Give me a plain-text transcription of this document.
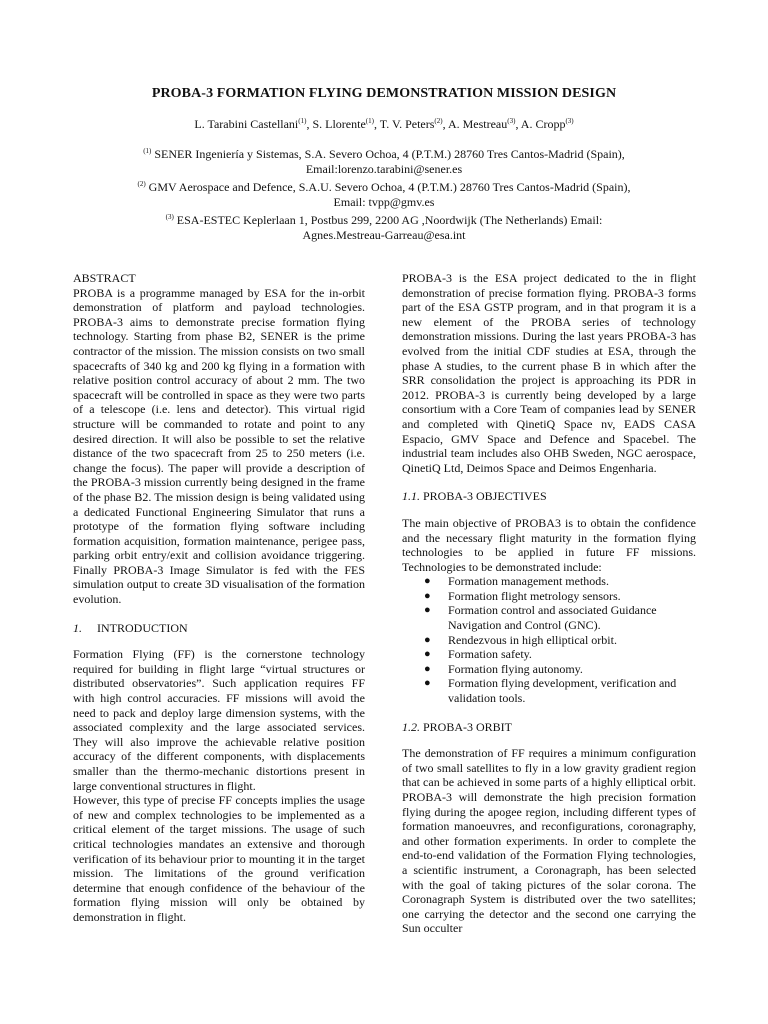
PROBA-3 FORMATION FLYING DEMONSTRATION MISSION DESIGN
L. Tarabini Castellani$^{(1)}$, S. Llorente$^{(1)}$, T. V. Peters$^{(2)}$, A. Mestreau$^{(3)}$, A. Cropp$^{(3)}$

$^{(1)}$ SENER Ingeniería y Sistemas, S.A. Severo Ochoa, 4 (P.T.M.) 28760 Tres Cantos-Madrid (Spain),
Email:lorenzo.tarabini@sener.es

$^{(2)}$ GMV Aerospace and Defence, S.A.U. Severo Ochoa, 4 (P.T.M.) 28760 Tres Cantos-Madrid (Spain),
Email: tvpp@gmv.es

$^{(3)}$ ESA-ESTEC Keplerlaan 1, Postbus 299, 2200 AG ,Noordwijk (The Netherlands) Email:
Agnes.Mestreau-Garreau@esa.int

ABSTRACT

PROBA is a programme managed by ESA for the in-orbit demonstration of platform and payload technologies. PROBA-3 aims to demonstrate precise formation flying technology. Starting from phase B2, SENER is the prime contractor of the mission. The mission consists on two small spacecrafts of 340 kg and 200 kg flying in a formation with relative position control accuracy of about 2 mm. The two spacecraft will be controlled in space as they were two parts of a telescope (i.e. lens and detector). This virtual rigid structure will be commanded to rotate and point to any desired direction. It will also be possible to set the relative distance of the two spacecraft from 25 to 250 meters (i.e. change the focus). The paper will provide a description of the PROBA-3 mission currently being designed in the frame of the phase B2. The mission design is being validated using a dedicated Functional Engineering Simulator that runs a prototype of the formation flying software including formation acquisition, formation maintenance, perigee pass, parking orbit entry/exit and collision avoidance triggering. Finally PROBA-3 Image Simulator is fed with the FES simulation output to create 3D visualisation of the formation evolution.

1. INTRODUCTION

Formation Flying (FF) is the cornerstone technology required for building in flight large “virtual structures or distributed observatories”. Such application requires FF with high control accuracies. FF missions will avoid the need to pack and deploy large dimension systems, with the associated complexity and the large associated services. They will also improve the achievable relative position accuracy of the different components, with displacements smaller than the thermo-mechanic distortions present in large conventional structures in flight.

However, this type of precise FF concepts implies the usage of new and complex technologies to be implemented as a critical element of the target missions. The usage of such critical technologies mandates an extensive and thorough verification of its behaviour prior to mounting it in the target mission. The limitations of the ground verification determine that enough confidence of the behaviour of the formation flying mission will only be obtained by demonstration in flight.

PROBA-3 is the ESA project dedicated to the in flight demonstration of precise formation flying. PROBA-3 forms part of the ESA GSTP program, and in that program it is a new element of the PROBA series of technology demonstration missions. During the last years PROBA-3 has evolved from the initial CDF studies at ESA, through the phase A studies, to the current phase B in which after the SRR consolidation the project is approaching its PDR in 2012. PROBA-3 is currently being developed by a large consortium with a Core Team of companies lead by SENER and completed with QinetiQ Space nv, EADS CASA Espacio, GMV Space and Defence and Spacebel. The industrial team includes also OHB Sweden, NGC aerospace, QinetiQ Ltd, Deimos Space and Deimos Engenharia.

1.1. PROBA-3 OBJECTIVES

The main objective of PROBA3 is to obtain the confidence and the necessary flight maturity in the formation flying technologies to be applied in future FF missions. Technologies to be demonstrated include:

● Formation management methods.
● Formation flight metrology sensors.
● Formation control and associated Guidance Navigation and Control (GNC).
● Rendezvous in high elliptical orbit.
● Formation safety.
● Formation flying autonomy.
● Formation flying development, verification and validation tools.

1.2. PROBA-3 ORBIT

The demonstration of FF requires a minimum configuration of two small satellites to fly in a low gravity gradient region that can be achieved in some parts of a highly elliptical orbit. PROBA-3 will demonstrate the high precision formation flying during the apogee region, including different types of formation manoeuvres, and reconfigurations, coronagraphy, and other formation experiments. In order to complete the end-to-end validation of the Formation Flying technologies, a scientific instrument, a Coronagraph, has been selected with the goal of taking pictures of the solar corona. The Coronagraph System is distributed over the two satellites; one carrying the detector and the second one carrying the Sun occulter
